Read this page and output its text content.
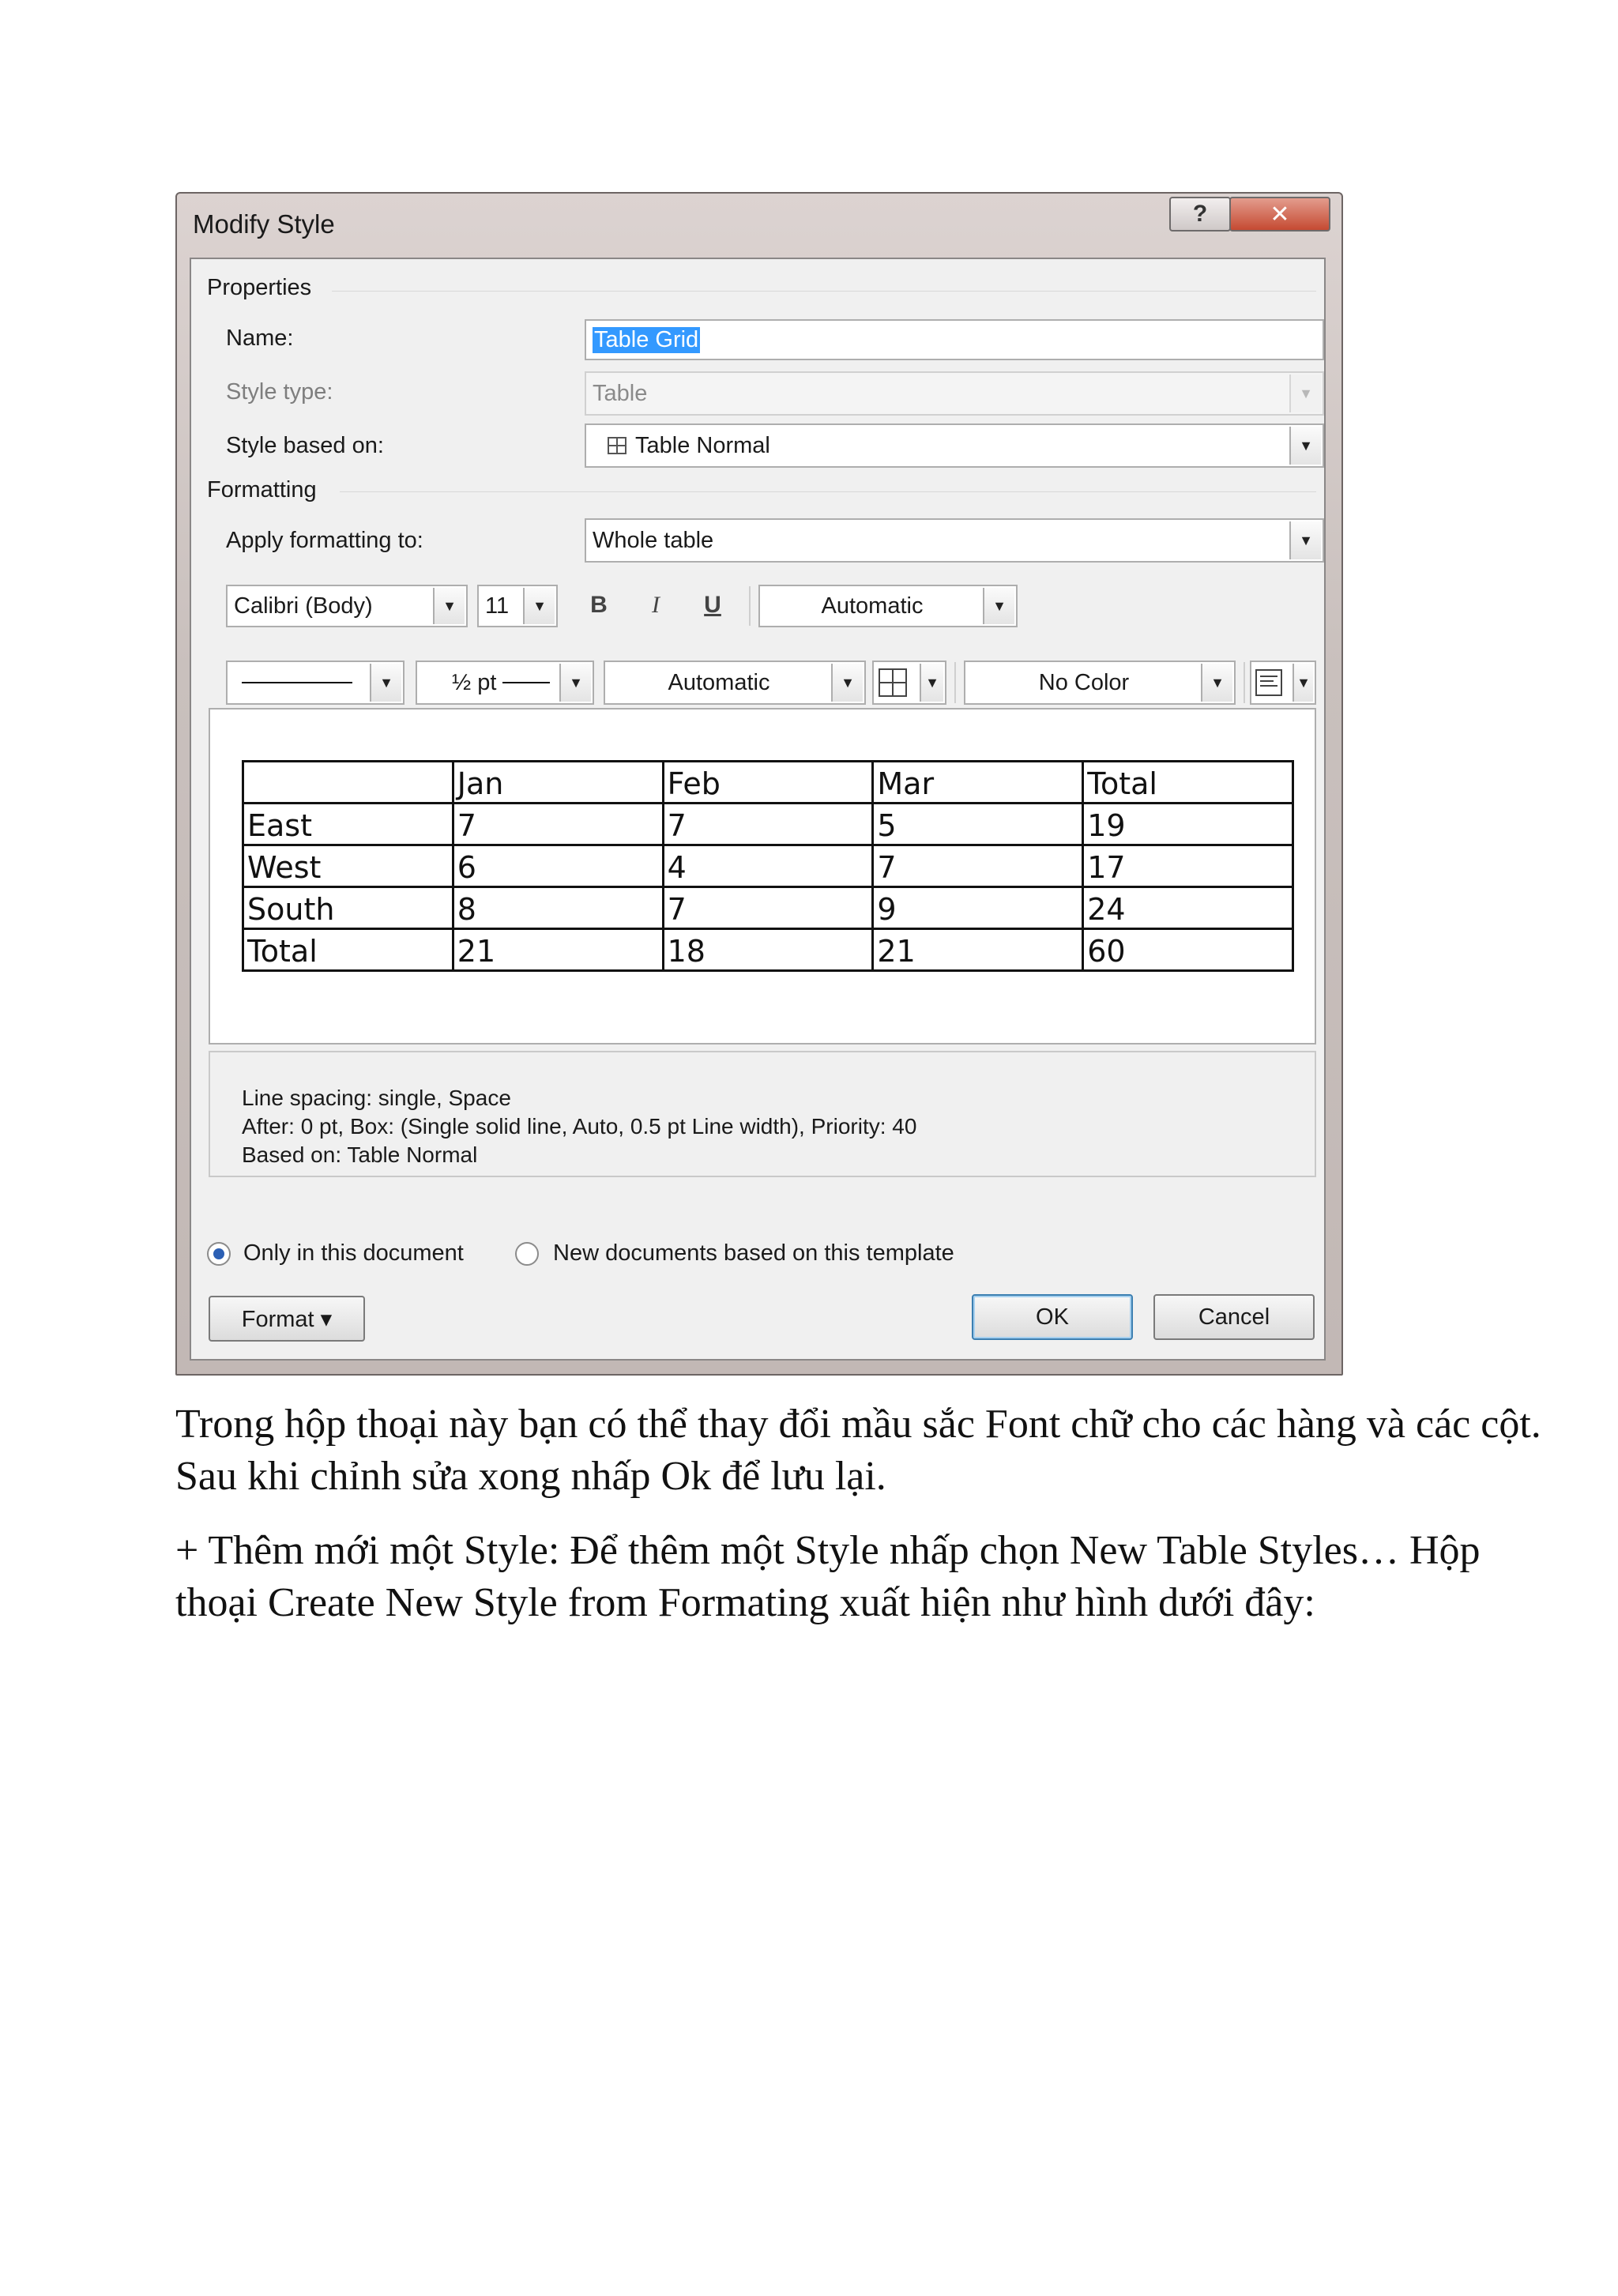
Modify Style	?	✕
Properties
Name:	Table Grid
Style type:	Table	▼
Style based on:	Table Normal	▼
Formatting
Apply formatting to:	Whole table	▼
Calibri (Body)	▼	11	▼	B	I	U	Automatic	▼
▼	½ pt	▼	Automatic	▼	▼	No Color	▼	▼
	Jan	Feb	Mar	Total
East	7	7	5	19
West	6	4	7	17
South	8	7	9	24
Total	21	18	21	60
Line spacing: single, Space
After: 0 pt, Box: (Single solid line, Auto, 0.5 pt Line width), Priority: 40
Based on: Table Normal
Only in this document	New documents based on this template
Format ▾	OK	Cancel

Trong hộp thoại này bạn có thể thay đổi mầu sắc Font chữ cho các hàng và các cột. Sau khi chỉnh sửa xong nhấp Ok để lưu lại.

+ Thêm mới một Style: Để thêm một Style nhấp chọn New Table Styles… Hộp thoại Create New Style from Formating xuất hiện như hình dưới đây:
